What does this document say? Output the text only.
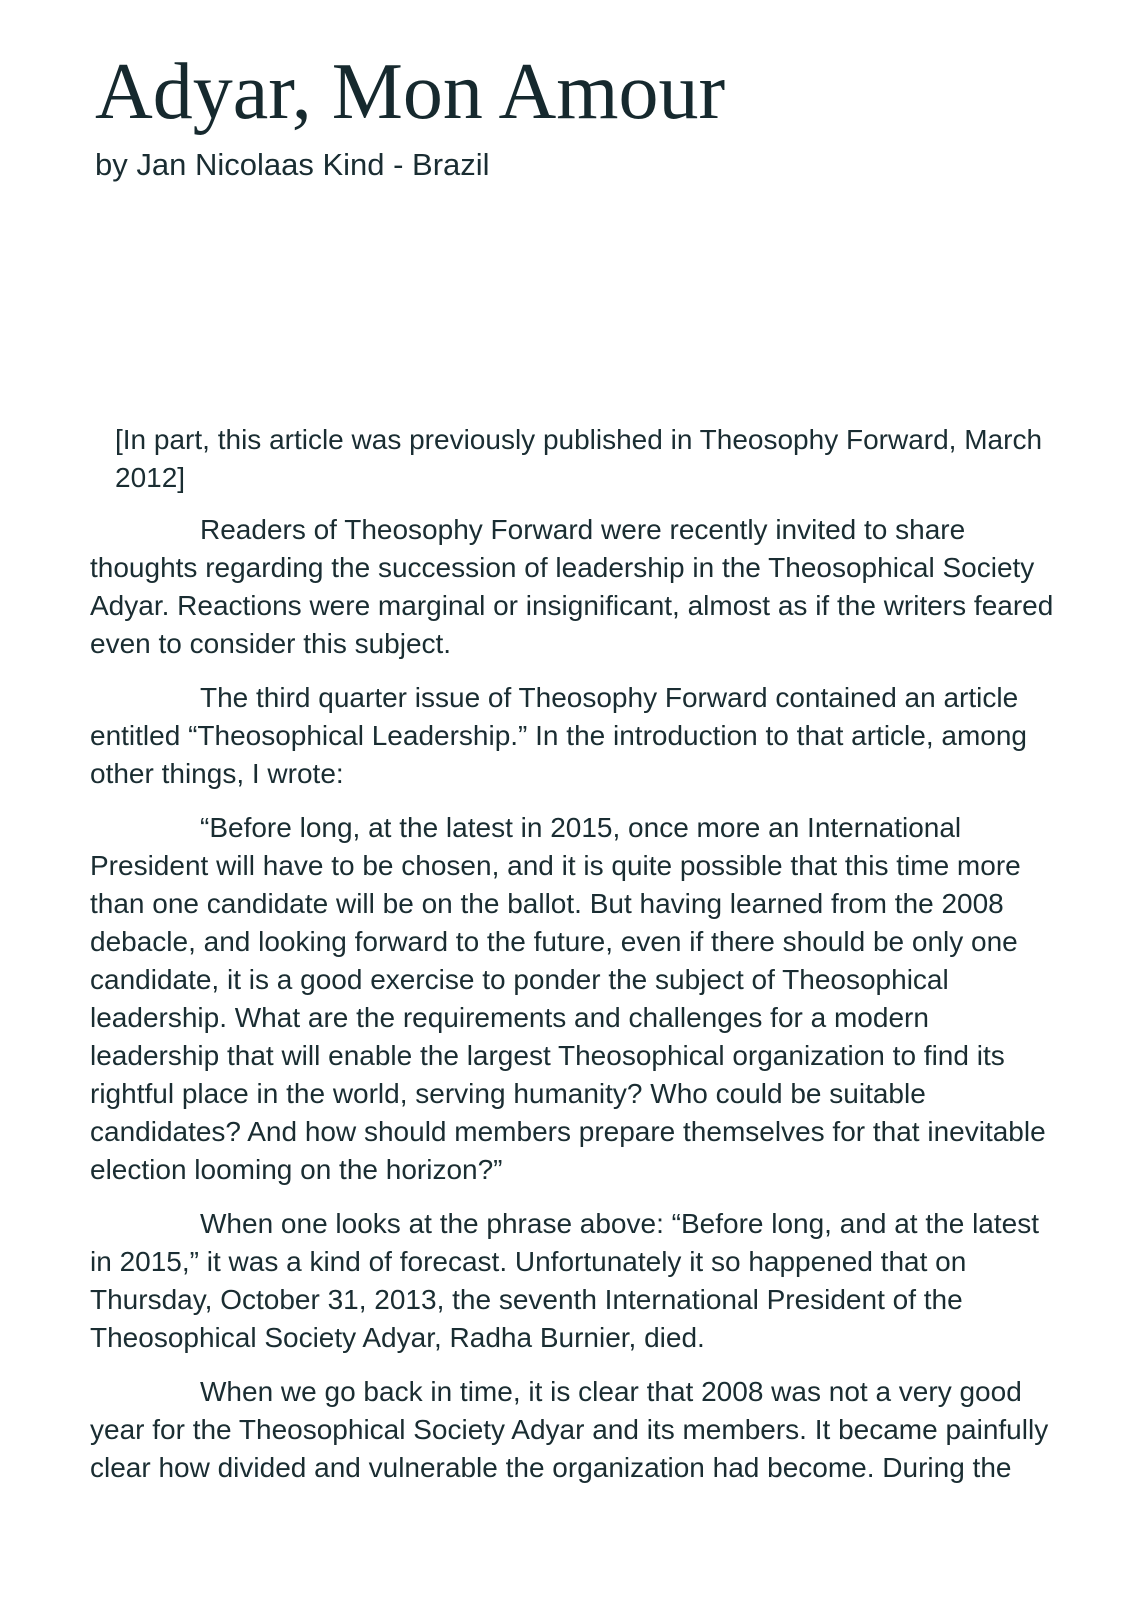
Adyar, Mon Amour
by Jan Nicolaas Kind - Brazil

[In part, this article was previously published in Theosophy Forward, March 2012]

Readers of Theosophy Forward were recently invited to share thoughts regarding the succession of leadership in the Theosophical Society Adyar. Reactions were marginal or insignificant, almost as if the writers feared even to consider this subject.

The third quarter issue of Theosophy Forward contained an article entitled “Theosophical Leadership.” In the introduction to that article, among other things, I wrote:

“Before long, at the latest in 2015, once more an International President will have to be chosen, and it is quite possible that this time more than one candidate will be on the ballot. But having learned from the 2008 debacle, and looking forward to the future, even if there should be only one candidate, it is a good exercise to ponder the subject of Theosophical leadership. What are the requirements and challenges for a modern leadership that will enable the largest Theosophical organization to find its rightful place in the world, serving humanity? Who could be suitable candidates? And how should members prepare themselves for that inevitable election looming on the horizon?”

When one looks at the phrase above: “Before long, and at the latest in 2015,” it was a kind of forecast. Unfortunately it so happened that on Thursday, October 31, 2013, the seventh International President of the Theosophical Society Adyar, Radha Burnier, died.

When we go back in time, it is clear that 2008 was not a very good year for the Theosophical Society Adyar and its members. It became painfully clear how divided and vulnerable the organization had become. During the
